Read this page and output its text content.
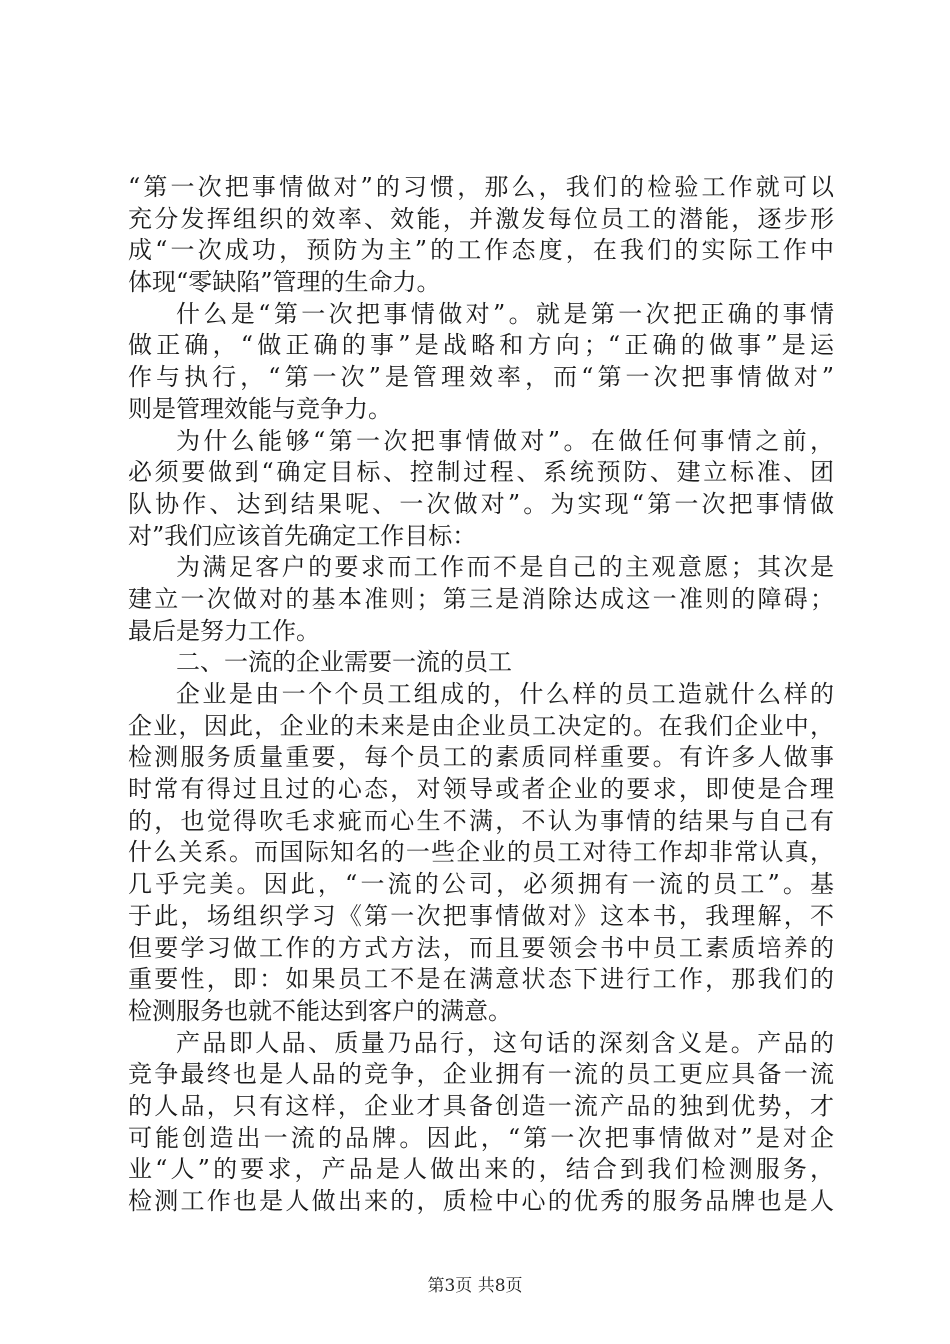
“第一次把事情做对”的习惯，那么，我们的检验工作就可以
充分发挥组织的效率、效能，并激发每位员工的潜能，逐步形
成“一次成功，预防为主”的工作态度，在我们的实际工作中
体现“零缺陷”管理的生命力。
什么是“第一次把事情做对”。就是第一次把正确的事情
做正确，“做正确的事”是战略和方向；“正确的做事”是运
作与执行，“第一次”是管理效率，而“第一次把事情做对”
则是管理效能与竞争力。
为什么能够“第一次把事情做对”。在做任何事情之前，
必须要做到“确定目标、控制过程、系统预防、建立标准、团
队协作、达到结果呢、一次做对”。为实现“第一次把事情做
对”我们应该首先确定工作目标：
为满足客户的要求而工作而不是自己的主观意愿；其次是
建立一次做对的基本准则；第三是消除达成这一准则的障碍；
最后是努力工作。
二、一流的企业需要一流的员工
企业是由一个个员工组成的，什么样的员工造就什么样的
企业，因此，企业的未来是由企业员工决定的。在我们企业中，
检测服务质量重要，每个员工的素质同样重要。有许多人做事
时常有得过且过的心态，对领导或者企业的要求，即使是合理
的，也觉得吹毛求疵而心生不满，不认为事情的结果与自己有
什么关系。而国际知名的一些企业的员工对待工作却非常认真，
几乎完美。因此，“一流的公司，必须拥有一流的员工”。基
于此，场组织学习《第一次把事情做对》这本书，我理解，不
但要学习做工作的方式方法，而且要领会书中员工素质培养的
重要性，即：如果员工不是在满意状态下进行工作，那我们的
检测服务也就不能达到客户的满意。
产品即人品、质量乃品行，这句话的深刻含义是。产品的
竞争最终也是人品的竞争，企业拥有一流的员工更应具备一流
的人品，只有这样，企业才具备创造一流产品的独到优势，才
可能创造出一流的品牌。因此，“第一次把事情做对”是对企
业“人”的要求，产品是人做出来的，结合到我们检测服务，
检测工作也是人做出来的，质检中心的优秀的服务品牌也是人
第3页 共8页
